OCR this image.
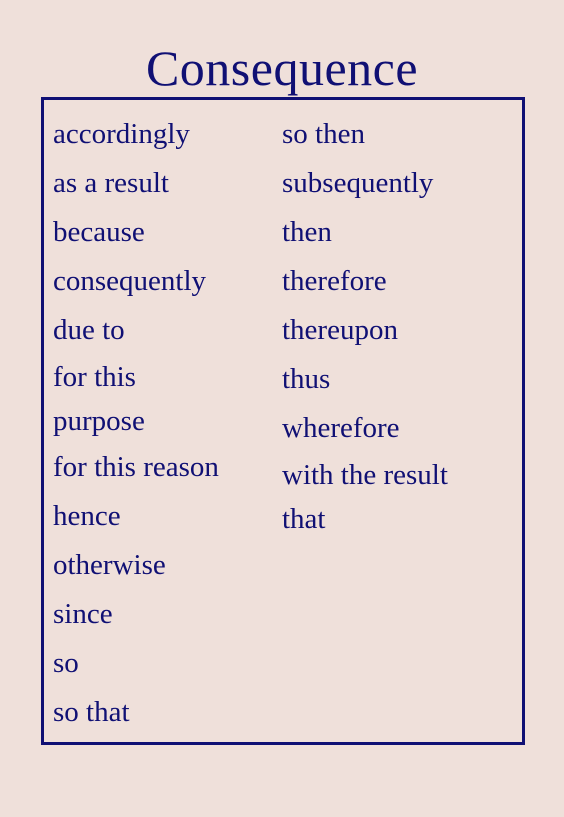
Consequence
accordingly
as a result
because
consequently
due to
for this
purpose
for this reason
hence
otherwise
since
so
so that
so then
subsequently
then
therefore
thereupon
thus
wherefore
with the result
that
